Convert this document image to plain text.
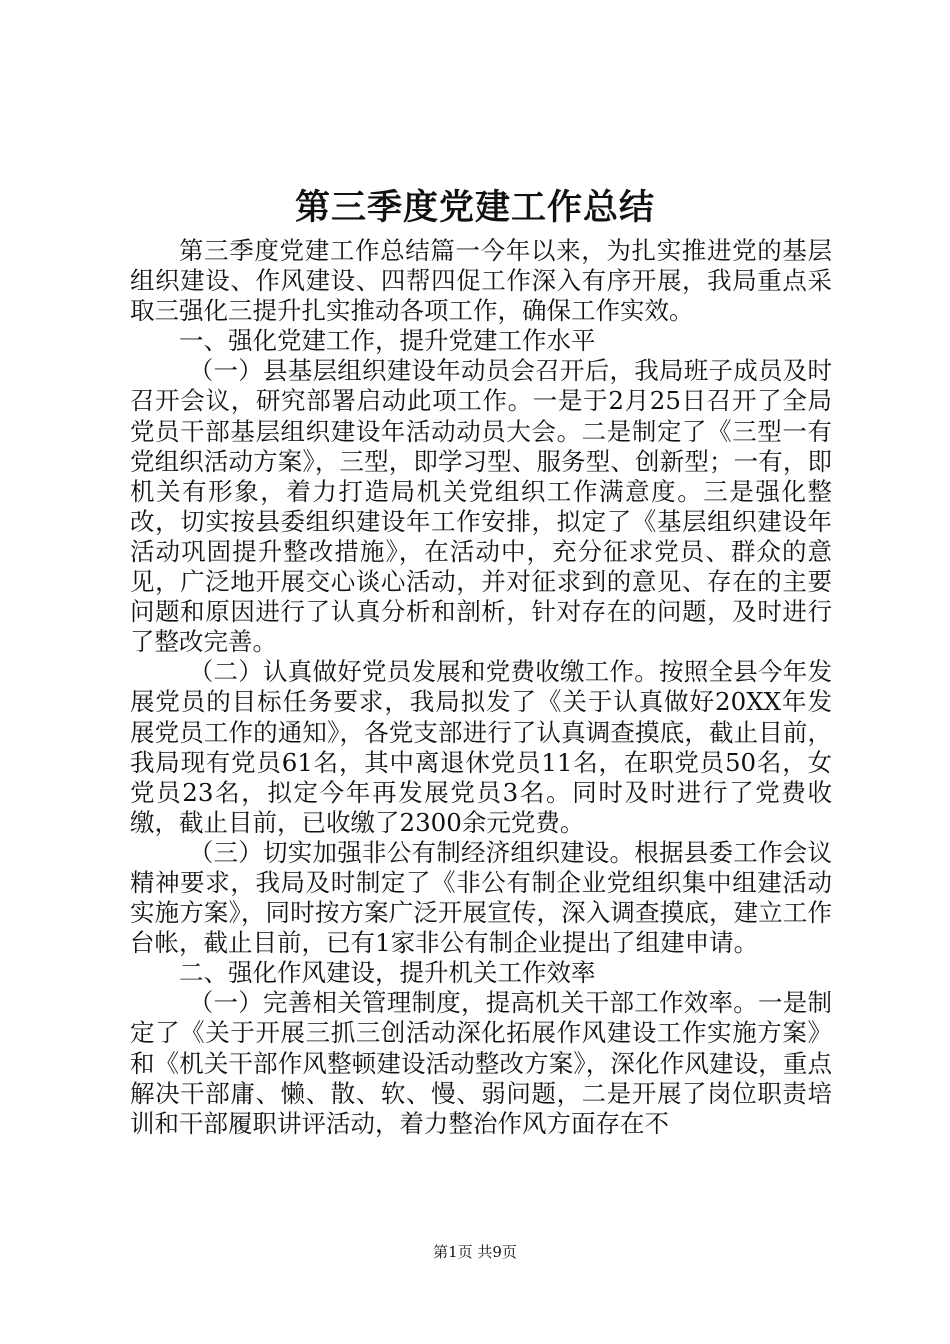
第三季度党建工作总结

第三季度党建工作总结篇一今年以来，为扎实推进党的基层组织建设、作风建设、四帮四促工作深入有序开展，我局重点采取三强化三提升扎实推动各项工作，确保工作实效。

一、强化党建工作，提升党建工作水平

（一）县基层组织建设年动员会召开后，我局班子成员及时召开会议，研究部署启动此项工作。一是于2月25日召开了全局党员干部基层组织建设年活动动员大会。二是制定了《三型一有党组织活动方案》，三型，即学习型、服务型、创新型；一有，即机关有形象，着力打造局机关党组织工作满意度。三是强化整改，切实按县委组织建设年工作安排，拟定了《基层组织建设年活动巩固提升整改措施》，在活动中，充分征求党员、群众的意见，广泛地开展交心谈心活动，并对征求到的意见、存在的主要问题和原因进行了认真分析和剖析，针对存在的问题，及时进行了整改完善。

（二）认真做好党员发展和党费收缴工作。按照全县今年发展党员的目标任务要求，我局拟发了《关于认真做好20XX年发展党员工作的通知》，各党支部进行了认真调查摸底，截止目前，我局现有党员61名，其中离退休党员11名，在职党员50名，女党员23名，拟定今年再发展党员3名。同时及时进行了党费收缴，截止目前，已收缴了2300余元党费。

（三）切实加强非公有制经济组织建设。根据县委工作会议精神要求，我局及时制定了《非公有制企业党组织集中组建活动实施方案》，同时按方案广泛开展宣传，深入调查摸底，建立工作台帐，截止目前，已有1家非公有制企业提出了组建申请。

二、强化作风建设，提升机关工作效率

（一）完善相关管理制度，提高机关干部工作效率。一是制定了《关于开展三抓三创活动深化拓展作风建设工作实施方案》和《机关干部作风整顿建设活动整改方案》，深化作风建设，重点解决干部庸、懒、散、软、慢、弱问题，二是开展了岗位职责培训和干部履职讲评活动，着力整治作风方面存在不

第1页 共9页
